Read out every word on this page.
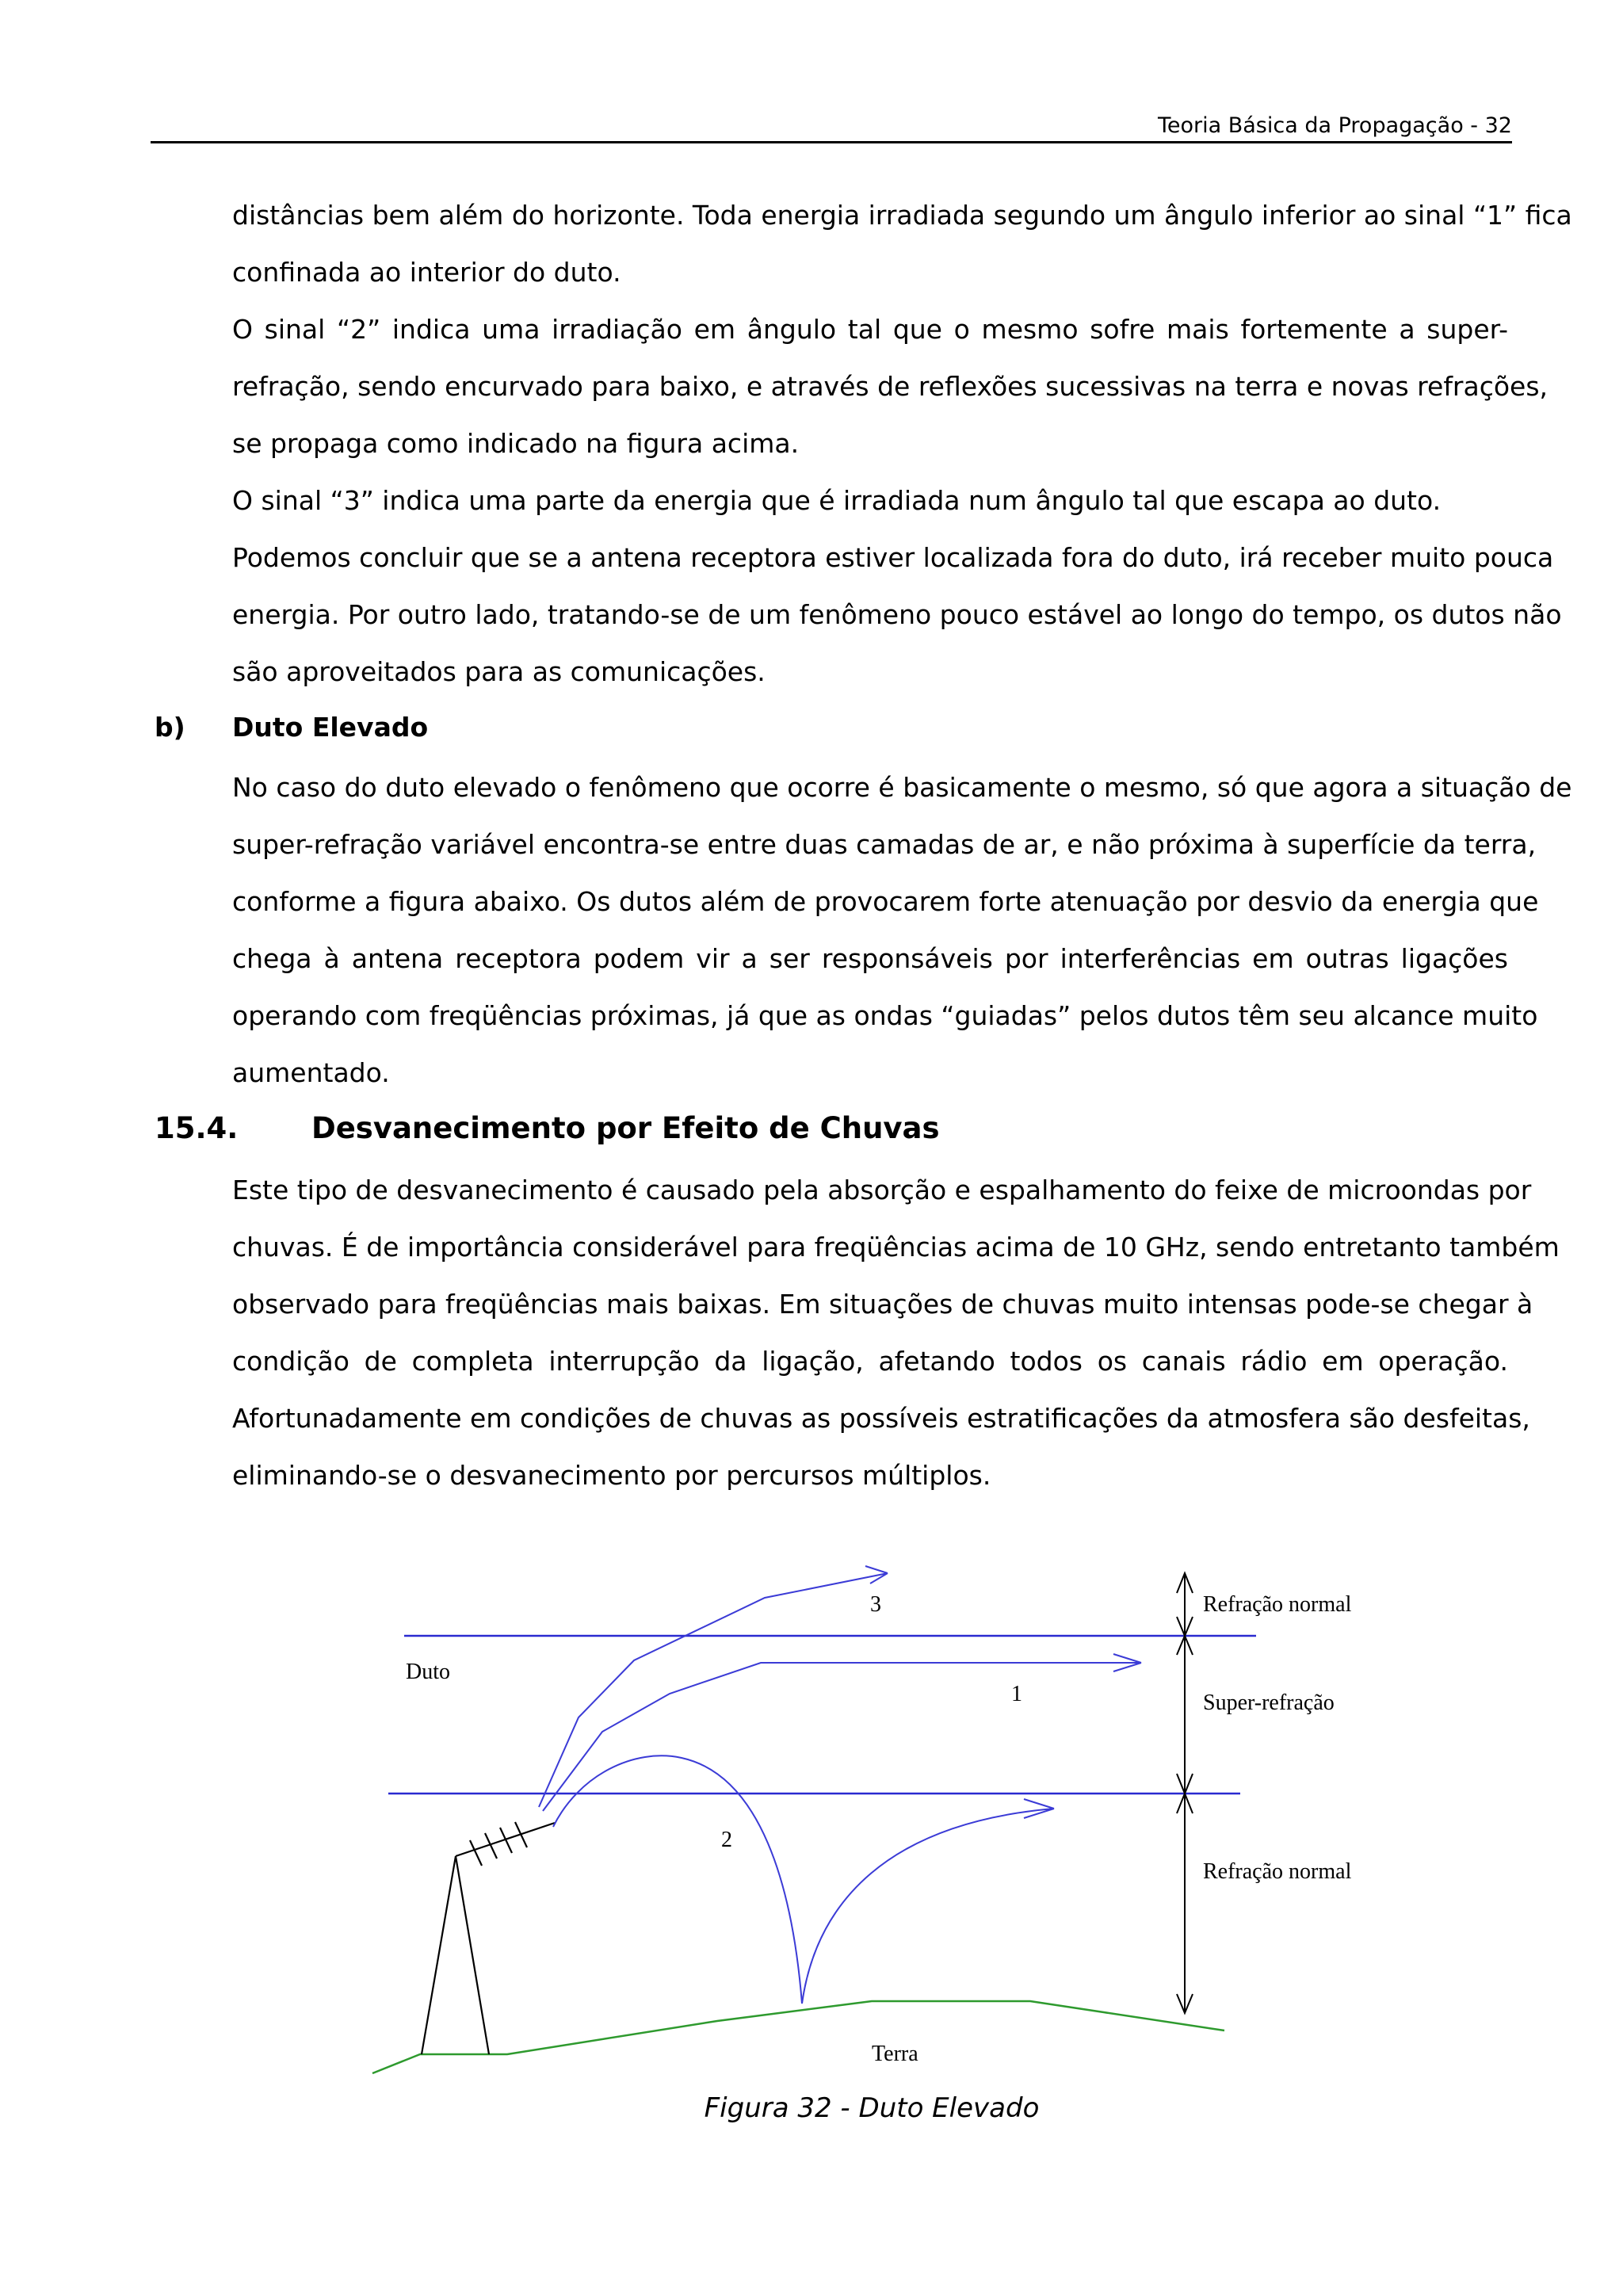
Teoria Básica da Propagação - 32
distâncias bem além do horizonte. Toda energia irradiada segundo um ângulo inferior ao sinal “1” fica
confinada ao interior do duto.
O sinal “2” indica uma irradiação em ângulo tal que o mesmo sofre mais fortemente a super-
refração, sendo encurvado para baixo, e através de reflexões sucessivas na terra e novas refrações,
se propaga como indicado na figura acima.
O sinal “3” indica uma parte da energia que é irradiada num ângulo tal que escapa ao duto.
Podemos concluir que se a antena receptora estiver localizada fora do duto, irá receber muito pouca
energia. Por outro lado, tratando-se de um fenômeno pouco estável ao longo do tempo, os dutos não
são aproveitados para as comunicações.
b) Duto Elevado
No caso do duto elevado o fenômeno que ocorre é basicamente o mesmo, só que agora a situação de
super-refração variável encontra-se entre duas camadas de ar, e não próxima à superfície da terra,
conforme a figura abaixo. Os dutos além de provocarem forte atenuação por desvio da energia que
chega à antena receptora podem vir a ser responsáveis por interferências em outras ligações
operando com freqüências próximas, já que as ondas “guiadas” pelos dutos têm seu alcance muito
aumentado.
15.4.	Desvanecimento por Efeito de Chuvas
Este tipo de desvanecimento é causado pela absorção e espalhamento do feixe de microondas por
chuvas. É de importância considerável para freqüências acima de 10 GHz, sendo entretanto também
observado para freqüências mais baixas. Em situações de chuvas muito intensas pode-se chegar à
condição de completa interrupção da ligação, afetando todos os canais rádio em operação.
Afortunadamente em condições de chuvas as possíveis estratificações da atmosfera são desfeitas,
eliminando-se o desvanecimento por percursos múltiplos.
Duto
3
1
2
Refração normal
Super-refração
Refração normal
Terra
Figura 32 - Duto Elevado
